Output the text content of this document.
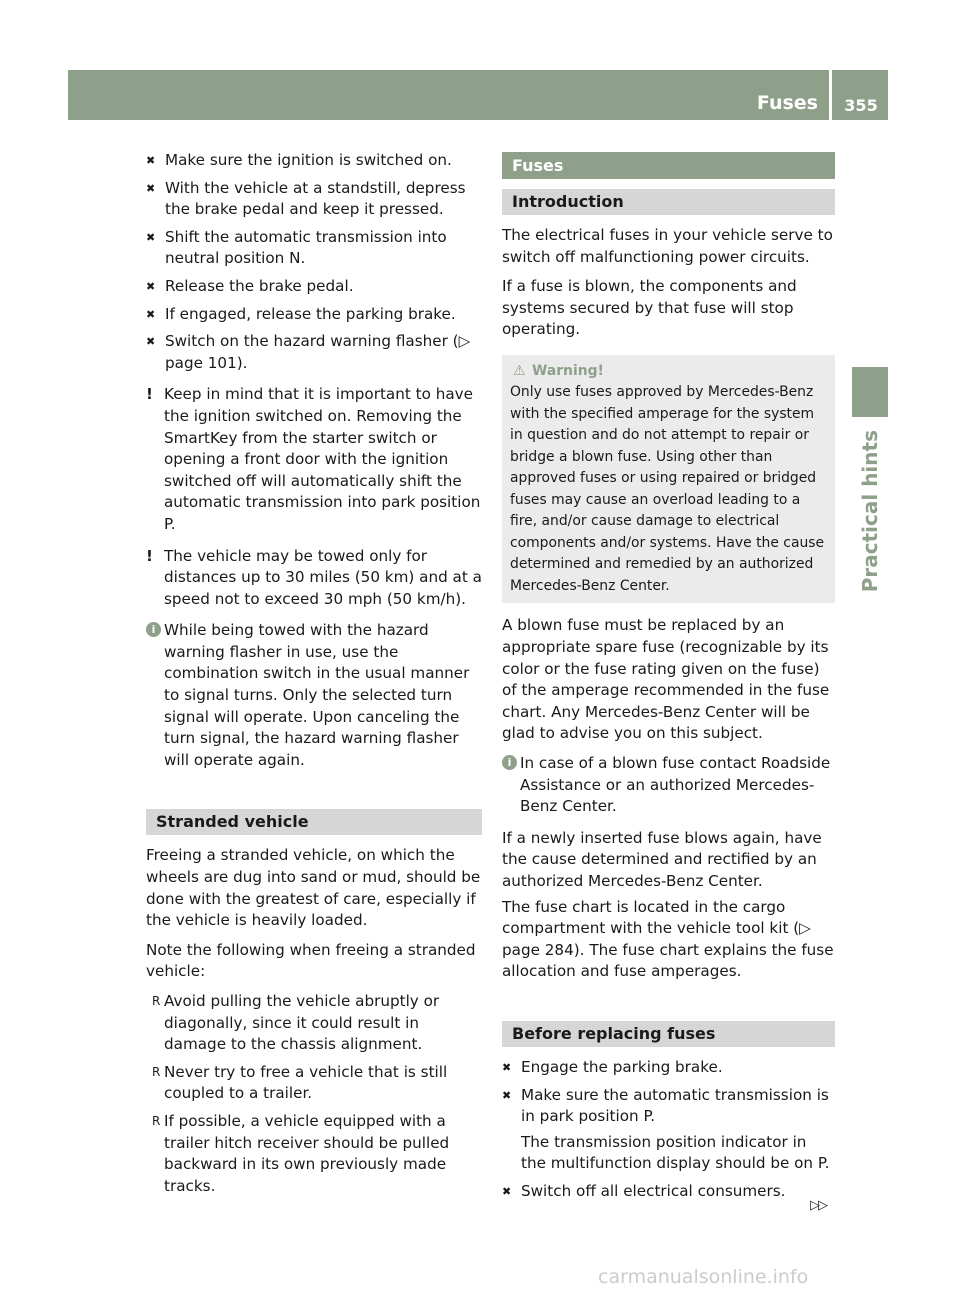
Fuses	355
Practical hints
✖ Make sure the ignition is switched on.
✖ With the vehicle at a standstill, depress the brake pedal and keep it pressed.
✖ Shift the automatic transmission into neutral position N.
✖ Release the brake pedal.
✖ If engaged, release the parking brake.
✖ Switch on the hazard warning flasher (▷ page 101).
! Keep in mind that it is important to have the ignition switched on. Removing the SmartKey from the starter switch or opening a front door with the ignition switched off will automatically shift the automatic transmission into park position P.
! The vehicle may be towed only for distances up to 30 miles (50 km) and at a speed not to exceed 30 mph (50 km/h).
i While being towed with the hazard warning flasher in use, use the combination switch in the usual manner to signal turns. Only the selected turn signal will operate. Upon canceling the turn signal, the hazard warning flasher will operate again.
Stranded vehicle

Freeing a stranded vehicle, on which the wheels are dug into sand or mud, should be done with the greatest of care, especially if the vehicle is heavily loaded.

Note the following when freeing a stranded vehicle:

R Avoid pulling the vehicle abruptly or diagonally, since it could result in damage to the chassis alignment.
R Never try to free a vehicle that is still coupled to a trailer.
R If possible, a vehicle equipped with a trailer hitch receiver should be pulled backward in its own previously made tracks.
Fuses
Introduction

The electrical fuses in your vehicle serve to switch off malfunctioning power circuits.

If a fuse is blown, the components and systems secured by that fuse will stop operating.

⚠ Warning!
Only use fuses approved by Mercedes-Benz with the specified amperage for the system in question and do not attempt to repair or bridge a blown fuse. Using other than approved fuses or using repaired or bridged fuses may cause an overload leading to a fire, and/or cause damage to electrical components and/or systems. Have the cause determined and remedied by an authorized Mercedes-Benz Center.

A blown fuse must be replaced by an appropriate spare fuse (recognizable by its color or the fuse rating given on the fuse) of the amperage recommended in the fuse chart. Any Mercedes-Benz Center will be glad to advise you on this subject.

i In case of a blown fuse contact Roadside Assistance or an authorized Mercedes-Benz Center.

If a newly inserted fuse blows again, have the cause determined and rectified by an authorized Mercedes-Benz Center.

The fuse chart is located in the cargo compartment with the vehicle tool kit (▷ page 284). The fuse chart explains the fuse allocation and fuse amperages.

Before replacing fuses
✖ Engage the parking brake.
✖ Make sure the automatic transmission is in park position P.
The transmission position indicator in the multifunction display should be on P.
✖ Switch off all electrical consumers.
▷▷
carmanualsonline.info
